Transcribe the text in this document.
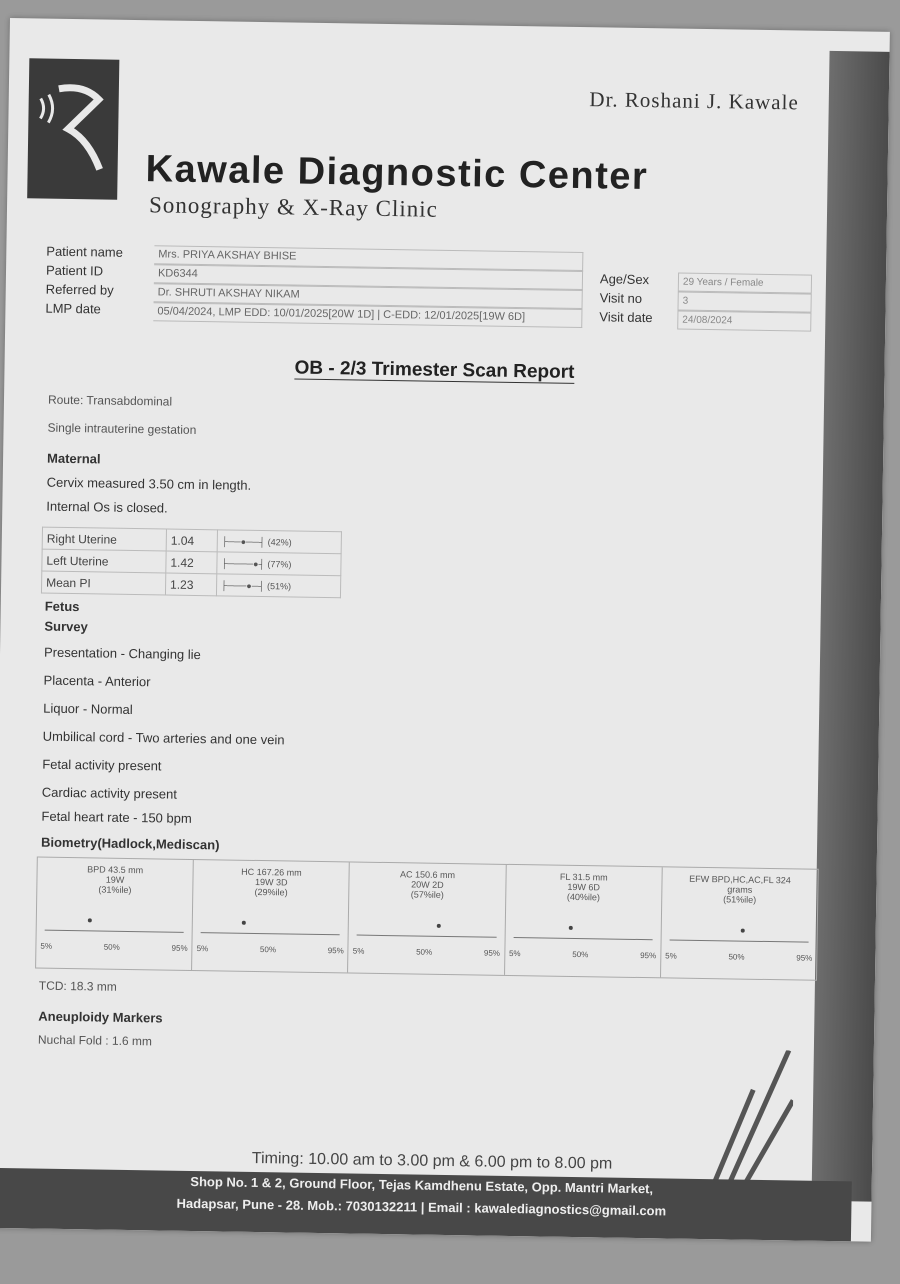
Dr. Roshani J. Kawale
​
Kawale Diagnostic Center
Sonography & X-Ray Clinic
Patient name	Mrs. PRIYA AKSHAY BHISE
Patient ID	KD6344	Age/Sex	29 Years / Female
Referred by	Dr. SHRUTI AKSHAY NIKAM	Visit no	3
LMP date	05/04/2024, LMP EDD: 10/01/2025[20W 1D] | C-EDD: 12/01/2025[19W 6D]	Visit date	24/08/2024
OB - 2/3 Trimester Scan Report
Route: Transabdominal
Single intrauterine gestation
Maternal
Cervix measured 3.50 cm in length.
Internal Os is closed.
Right Uterine	1.04	├──●──┤ (42%)
Left Uterine	1.42	├────●┤ (77%)
Mean PI	1.23	├───●─┤ (51%)
Fetus
Survey
Presentation - Changing lie
Placenta - Anterior
Liquor - Normal
Umbilical cord - Two arteries and one vein
Fetal activity present
Cardiac activity present
Fetal heart rate - 150 bpm
Biometry(Hadlock,Mediscan)
BPD 43.5 mm
19W
(31%ile)
5%	50%	95%
HC 167.26 mm
19W 3D
(29%ile)
5%	50%	95%
AC 150.6 mm
20W 2D
(57%ile)
5%	50%	95%
FL 31.5 mm
19W 6D
(40%ile)
5%	50%	95%
EFW BPD,HC,AC,FL 324
grams
(51%ile)
5%	50%	95%
TCD: 18.3 mm
Aneuploidy Markers
Nuchal Fold : 1.6 mm
Timing: 10.00 am to 3.00 pm & 6.00 pm to 8.00 pm
Shop No. 1 & 2, Ground Floor, Tejas Kamdhenu Estate, Opp. Mantri Market,
Hadapsar, Pune - 28. Mob.: 7030132211 | Email : kawalediagnostics@gmail.com
